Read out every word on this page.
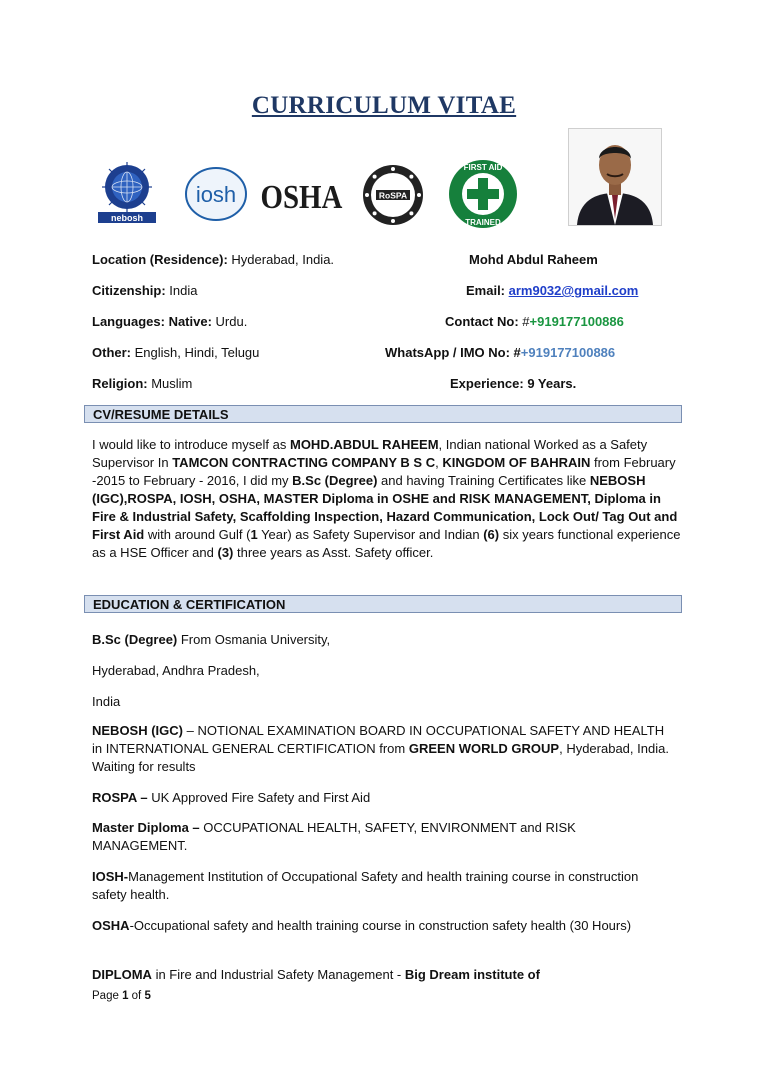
CURRICULUM VITAE
nebosh
iosh OSHA	RoSPA
FIRST AID
TRAINED
Location (Residence): Hyderabad, India.
Citizenship: India
Languages: Native: Urdu.
Other: English, Hindi, Telugu
Religion: Muslim
Mohd Abdul Raheem
Email: arm9032@gmail.com
Contact No: #+919177100886
WhatsApp / IMO No: #+919177100886
Experience: 9 Years.
CV/RESUME DETAILS
I would like to introduce myself as MOHD.ABDUL RAHEEM, Indian national Worked as a Safety Supervisor In TAMCON CONTRACTING COMPANY B S C, KINGDOM OF BAHRAIN from February -2015 to February - 2016, I did my B.Sc (Degree) and having Training Certificates like NEBOSH (IGC),ROSPA, IOSH, OSHA, MASTER Diploma in OSHE and RISK MANAGEMENT, Diploma in Fire & Industrial Safety, Scaffolding Inspection, Hazard Communication, Lock Out/ Tag Out and First Aid with around Gulf (1 Year) as Safety Supervisor and Indian (6) six years functional experience as a HSE Officer and (3) three years as Asst. Safety officer.
EDUCATION & CERTIFICATION
B.Sc (Degree) From Osmania University,
Hyderabad, Andhra Pradesh,
India
NEBOSH (IGC) – NOTIONAL EXAMINATION BOARD IN OCCUPATIONAL SAFETY AND HEALTH in INTERNATIONAL GENERAL CERTIFICATION from GREEN WORLD GROUP, Hyderabad, India. Waiting for results
ROSPA – UK Approved Fire Safety and First Aid
Master Diploma – OCCUPATIONAL HEALTH, SAFETY, ENVIRONMENT and RISK MANAGEMENT.
IOSH-Management Institution of Occupational Safety and health training course in construction safety health.
OSHA-Occupational safety and health training course in construction safety health (30 Hours)
DIPLOMA in Fire and Industrial Safety Management - Big Dream institute of
Page 1 of 5
